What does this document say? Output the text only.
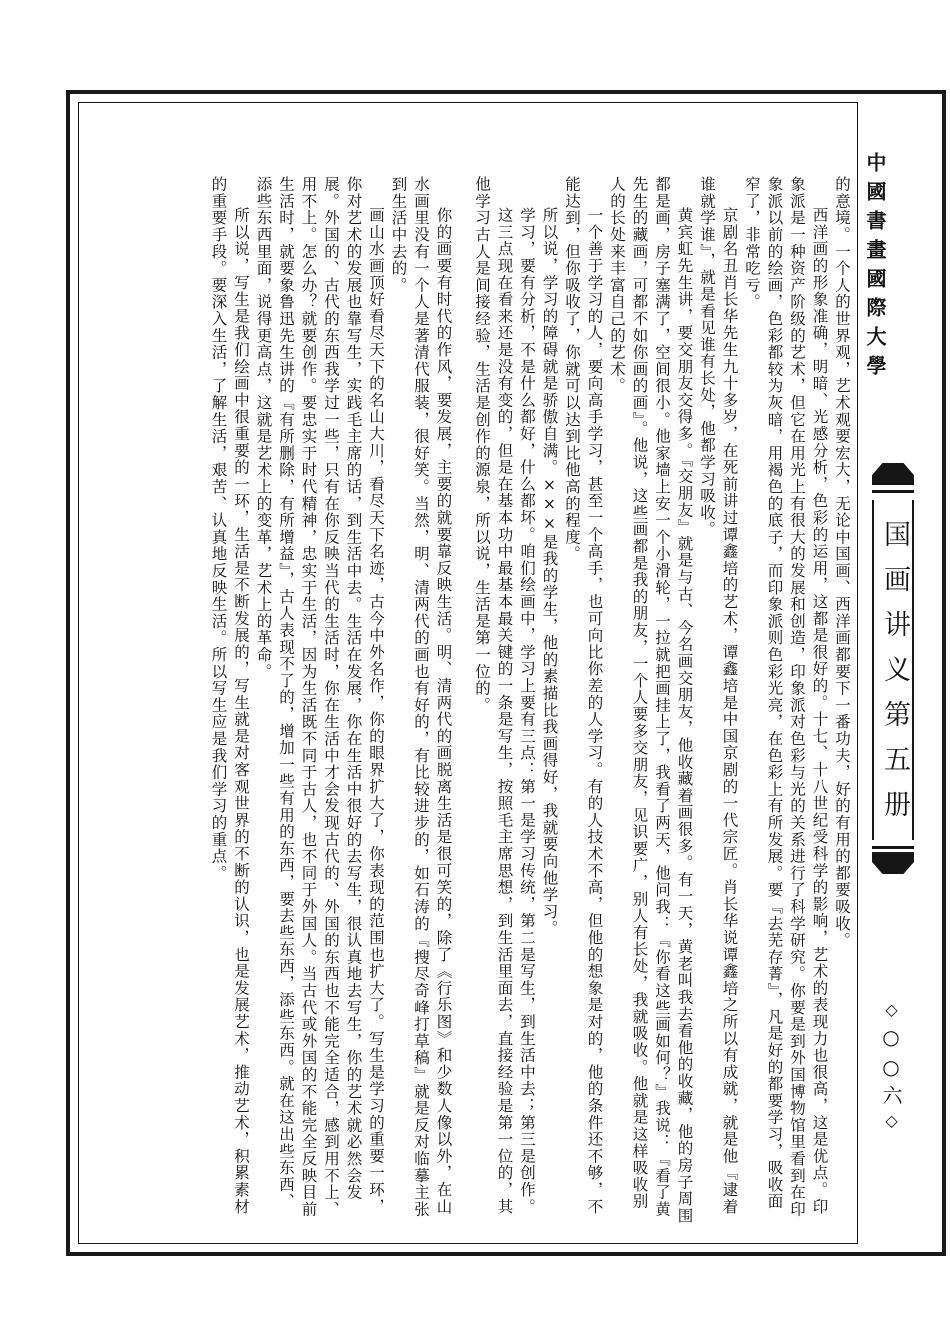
的意境。一个人的世界观，艺术观要宏大，无论中国画、西洋画都要下一番功夫，好的有用的都要吸收。

西洋画的形象准确，明暗、光感分析，色彩的运用，这都是很好的。十七、十八世纪受科学的影响，艺术的表现力也很高，这是优点。印象派是一种资产阶级的艺术，但它在用光上有很大的发展和创造，印象派对色彩与光的关系进行了科学研究。你要是到外国博物馆里看到在印象派以前的绘画，色彩都较为灰暗，用褐色的底子，而印象派则色彩光亮，在色彩上有所发展。要『去芜存菁』，凡是好的都要学习，吸收面窄了，非常吃亏。

京剧名丑肖长华先生九十多岁，在死前讲过谭鑫培的艺术，谭鑫培是中国京剧的一代宗匠。肖长华说谭鑫培之所以有成就，就是他『逮着谁就学谁』，就是看见谁有长处，他都学习吸收。

黄宾虹先生讲，要交朋友交得多。『交朋友』就是与古、今名画交朋友，他收藏着画很多。有一天，黄老叫我去看他的收藏，他的房子周围都是画，房子塞满了，空间很小。他家墙上安一个小滑轮，一拉就把画挂上了，我看了两天，他问我：『你看这些画如何？』我说：『看了黄先生的藏画，可都不如你画的画』。他说，这些画都是我的朋友，一个人要多交朋友，见识要广，别人有长处，我就吸收。他就是这样吸收别人的长处来丰富自己的艺术。

一个善于学习的人，要向高手学习，甚至一个高手，也可向比你差的人学习。有的人技术不高，但他的想象是对的，他的条件还不够，不能达到，但你吸收了，你就可以达到比他高的程度。

所以说，学习的障碍就是骄傲自满。×××是我的学生，他的素描比我画得好，我就要向他学习。

学习，要有分析，不是什么都好，什么都坏。咱们绘画中，学习上要有三点：第一是学习传统，第二是写生，到生活中去；第三是创作。

这三点现在看来还是没有变的，但是在基本功中最基本最关键的一条是写生，按照毛主席思想，到生活里面去，直接经验是第一位的，其他学习古人是间接经验，生活是创作的源泉，所以说，生活是第一位的。

你的画要有时代的作风，要发展，主要的就要靠反映生活。明、清两代的画脱离生活是很可笑的，除了《行乐图》和少数人像以外，在山水画里没有一个人是著清代服装，很好笑。当然，明、清两代的画也有好的，有比较进步的，如石涛的『搜尽奇峰打草稿』就是反对临摹主张到生活中去的。

画山水画顶好看尽天下的名山大川，看尽天下名迹，古今中外名作，你的眼界扩大了，你表现的范围也扩大了。写生是学习的重要一环，你对艺术的发展也靠写生，实践毛主席的话，到生活中去。生活在发展，你在生活中很好的去写生，很认真地去写生，你的艺术就必然会发展。外国的、古代的东西我学过一些，只有在你反映当代的生活时，你在生活中才会发现古代的、外国的东西也不能完全适合，感到用不上、用不上。怎么办？就要创作。要忠实于时代精神，忠实于生活，因为生活既不同于古人，也不同于外国人。当古代或外国的不能完全反映目前生活时，就要象鲁迅先生讲的『有所删除，有所增益』，古人表现不了的，增加一些有用的东西，要去些东西，添些东西。就在这出些东西、添些东西里面，说得更高点，这就是艺术上的变革，艺术上的革命。

所以说，写生是我们绘画中很重要的一环，生活是不断发展的，写生就是对客观世界的不断的认识，也是发展艺术，推动艺术，积累素材的重要手段。要深入生活，了解生活，艰苦、认真地反映生活。所以写生应是我们学习的重点。	中國書畫國際大學
国画讲义第五册
◇○○六◇
